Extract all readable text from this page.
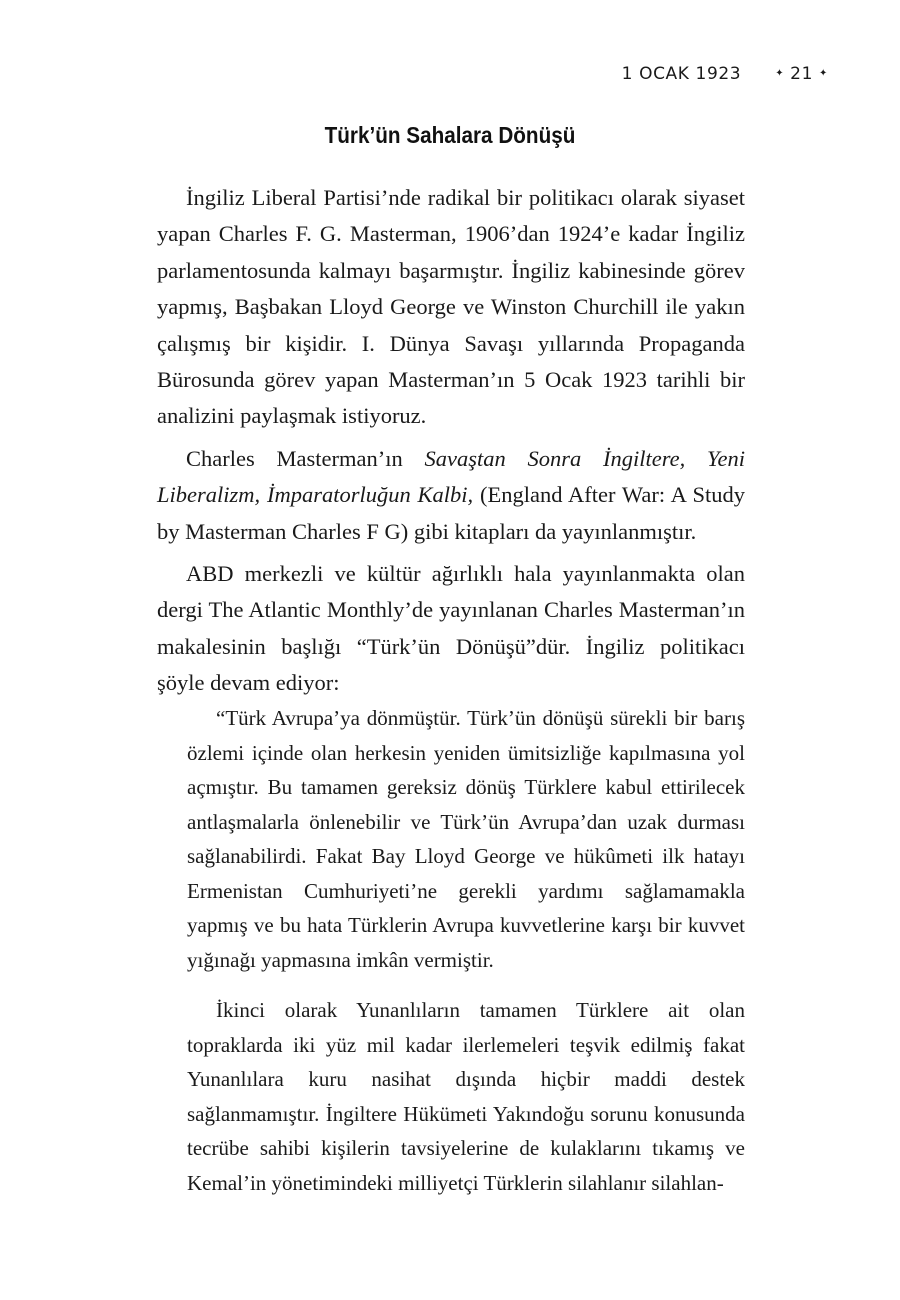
1 OCAK 1923	✦ 21 ✦
Türk’ün Sahalara Dönüşü

İngiliz Liberal Partisi’nde radikal bir politikacı olarak siyaset yapan Charles F. G. Masterman, 1906’dan 1924’e kadar İngiliz parlamentosunda kalmayı başarmıştır. İngiliz kabinesinde görev yapmış, Başbakan Lloyd George ve Winston Churchill ile yakın çalışmış bir kişidir. I. Dünya Savaşı yıllarında Propaganda Bürosunda görev yapan Masterman’ın 5 Ocak 1923 tarihli bir analizini paylaşmak istiyoruz.

Charles Masterman’ın Savaştan Sonra İngiltere, Yeni Liberalizm, İmparatorluğun Kalbi, (England After War: A Study by Masterman Charles F G) gibi kitapları da yayınlanmıştır.

ABD merkezli ve kültür ağırlıklı hala yayınlanmakta olan dergi The Atlantic Monthly’de yayınlanan Charles Masterman’ın makalesinin başlığı “Türk’ün Dönüşü”dür. İngiliz politikacı şöyle devam ediyor:

“Türk Avrupa’ya dönmüştür. Türk’ün dönüşü sürekli bir barış özlemi içinde olan herkesin yeniden ümitsizliğe kapılmasına yol açmıştır. Bu tamamen gereksiz dönüş Türklere kabul ettirilecek antlaşmalarla önlenebilir ve Türk’ün Avrupa’dan uzak durması sağlanabilirdi. Fakat Bay Lloyd George ve hükûmeti ilk hatayı Ermenistan Cumhuriyeti’ne gerekli yardımı sağlamamakla yapmış ve bu hata Türklerin Avrupa kuvvetlerine karşı bir kuvvet yığınağı yapmasına imkân vermiştir.

İkinci olarak Yunanlıların tamamen Türklere ait olan topraklarda iki yüz mil kadar ilerlemeleri teşvik edilmiş fakat Yunanlılara kuru nasihat dışında hiçbir maddi destek sağlanmamıştır. İngiltere Hükümeti Yakındoğu sorunu konusunda tecrübe sahibi kişilerin tavsiyelerine de kulaklarını tıkamış ve Kemal’in yönetimindeki milliyetçi Türklerin silahlanır silahlan-
